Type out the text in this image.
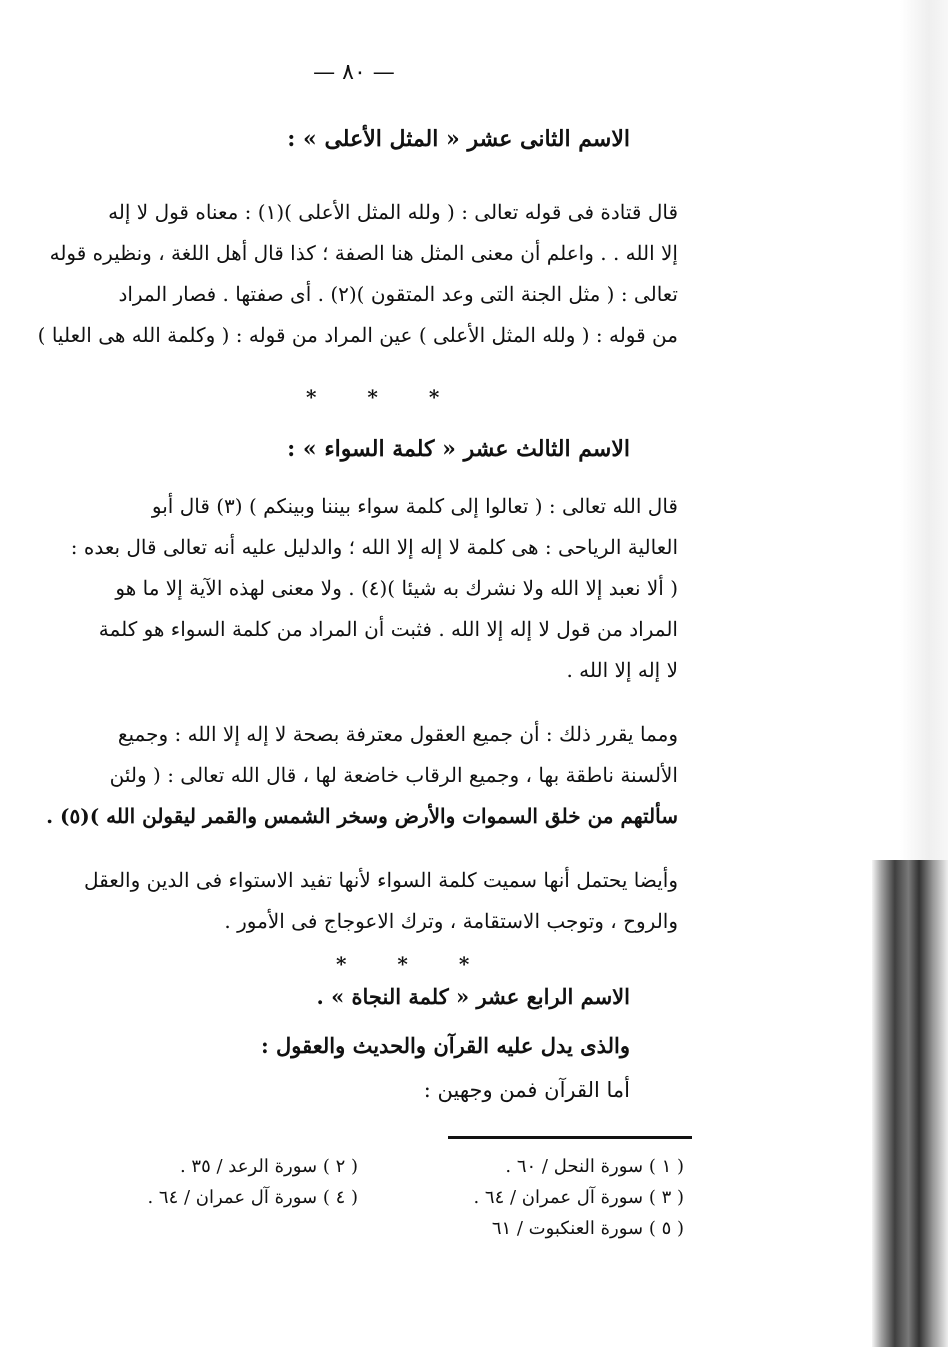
— ٨٠ —
الاسم الثانى عشر « المثل الأعلى » :
قال قتادة فى قوله تعالى : ( ولله المثل الأعلى )(١) : معناه قول لا إله
إلا الله . . واعلم أن معنى المثل هنا الصفة ؛ كذا قال أهل اللغة ، ونظيره قوله
تعالى : ( مثل الجنة التى وعد المتقون )(٢) . أى صفتها . فصار المراد
من قوله : ( ولله المثل الأعلى ) عين المراد من قوله : ( وكلمة الله هى العليا )
* * *
الاسم الثالث عشر « كلمة السواء » :
قال الله تعالى : ( تعالوا إلى كلمة سواء بيننا وبينكم ) (٣) قال أبو
العالية الرياحى : هى كلمة لا إله إلا الله ؛ والدليل عليه أنه تعالى قال بعده :
( ألا نعبد إلا الله ولا نشرك به شيئا )(٤) . ولا معنى لهذه الآية إلا ما هو
المراد من قول لا إله إلا الله . فثبت أن المراد من كلمة السواء هو كلمة
لا إله إلا الله .
ومما يقرر ذلك : أن جميع العقول معترفة بصحة لا إله إلا الله : وجميع
الألسنة ناطقة بها ، وجميع الرقاب خاضعة لها ، قال الله تعالى : ( ولئن
سألتهم من خلق السموات والأرض وسخر الشمس والقمر ليقولن الله )(٥) .
وأيضا يحتمل أنها سميت كلمة السواء لأنها تفيد الاستواء فى الدين والعقل
والروح ، وتوجب الاستقامة ، وترك الاعوجاج فى الأمور .
* * *
الاسم الرابع عشر « كلمة النجاة » .
والذى يدل عليه القرآن والحديث والعقول :
أما القرآن فمن وجهين :
( ١ ) سورة النحل / ٦٠ .
( ٢ ) سورة الرعد / ٣٥ .
( ٣ ) سورة آل عمران / ٦٤ .
( ٤ ) سورة آل عمران / ٦٤ .
( ٥ ) سورة العنكبوت / ٦١
